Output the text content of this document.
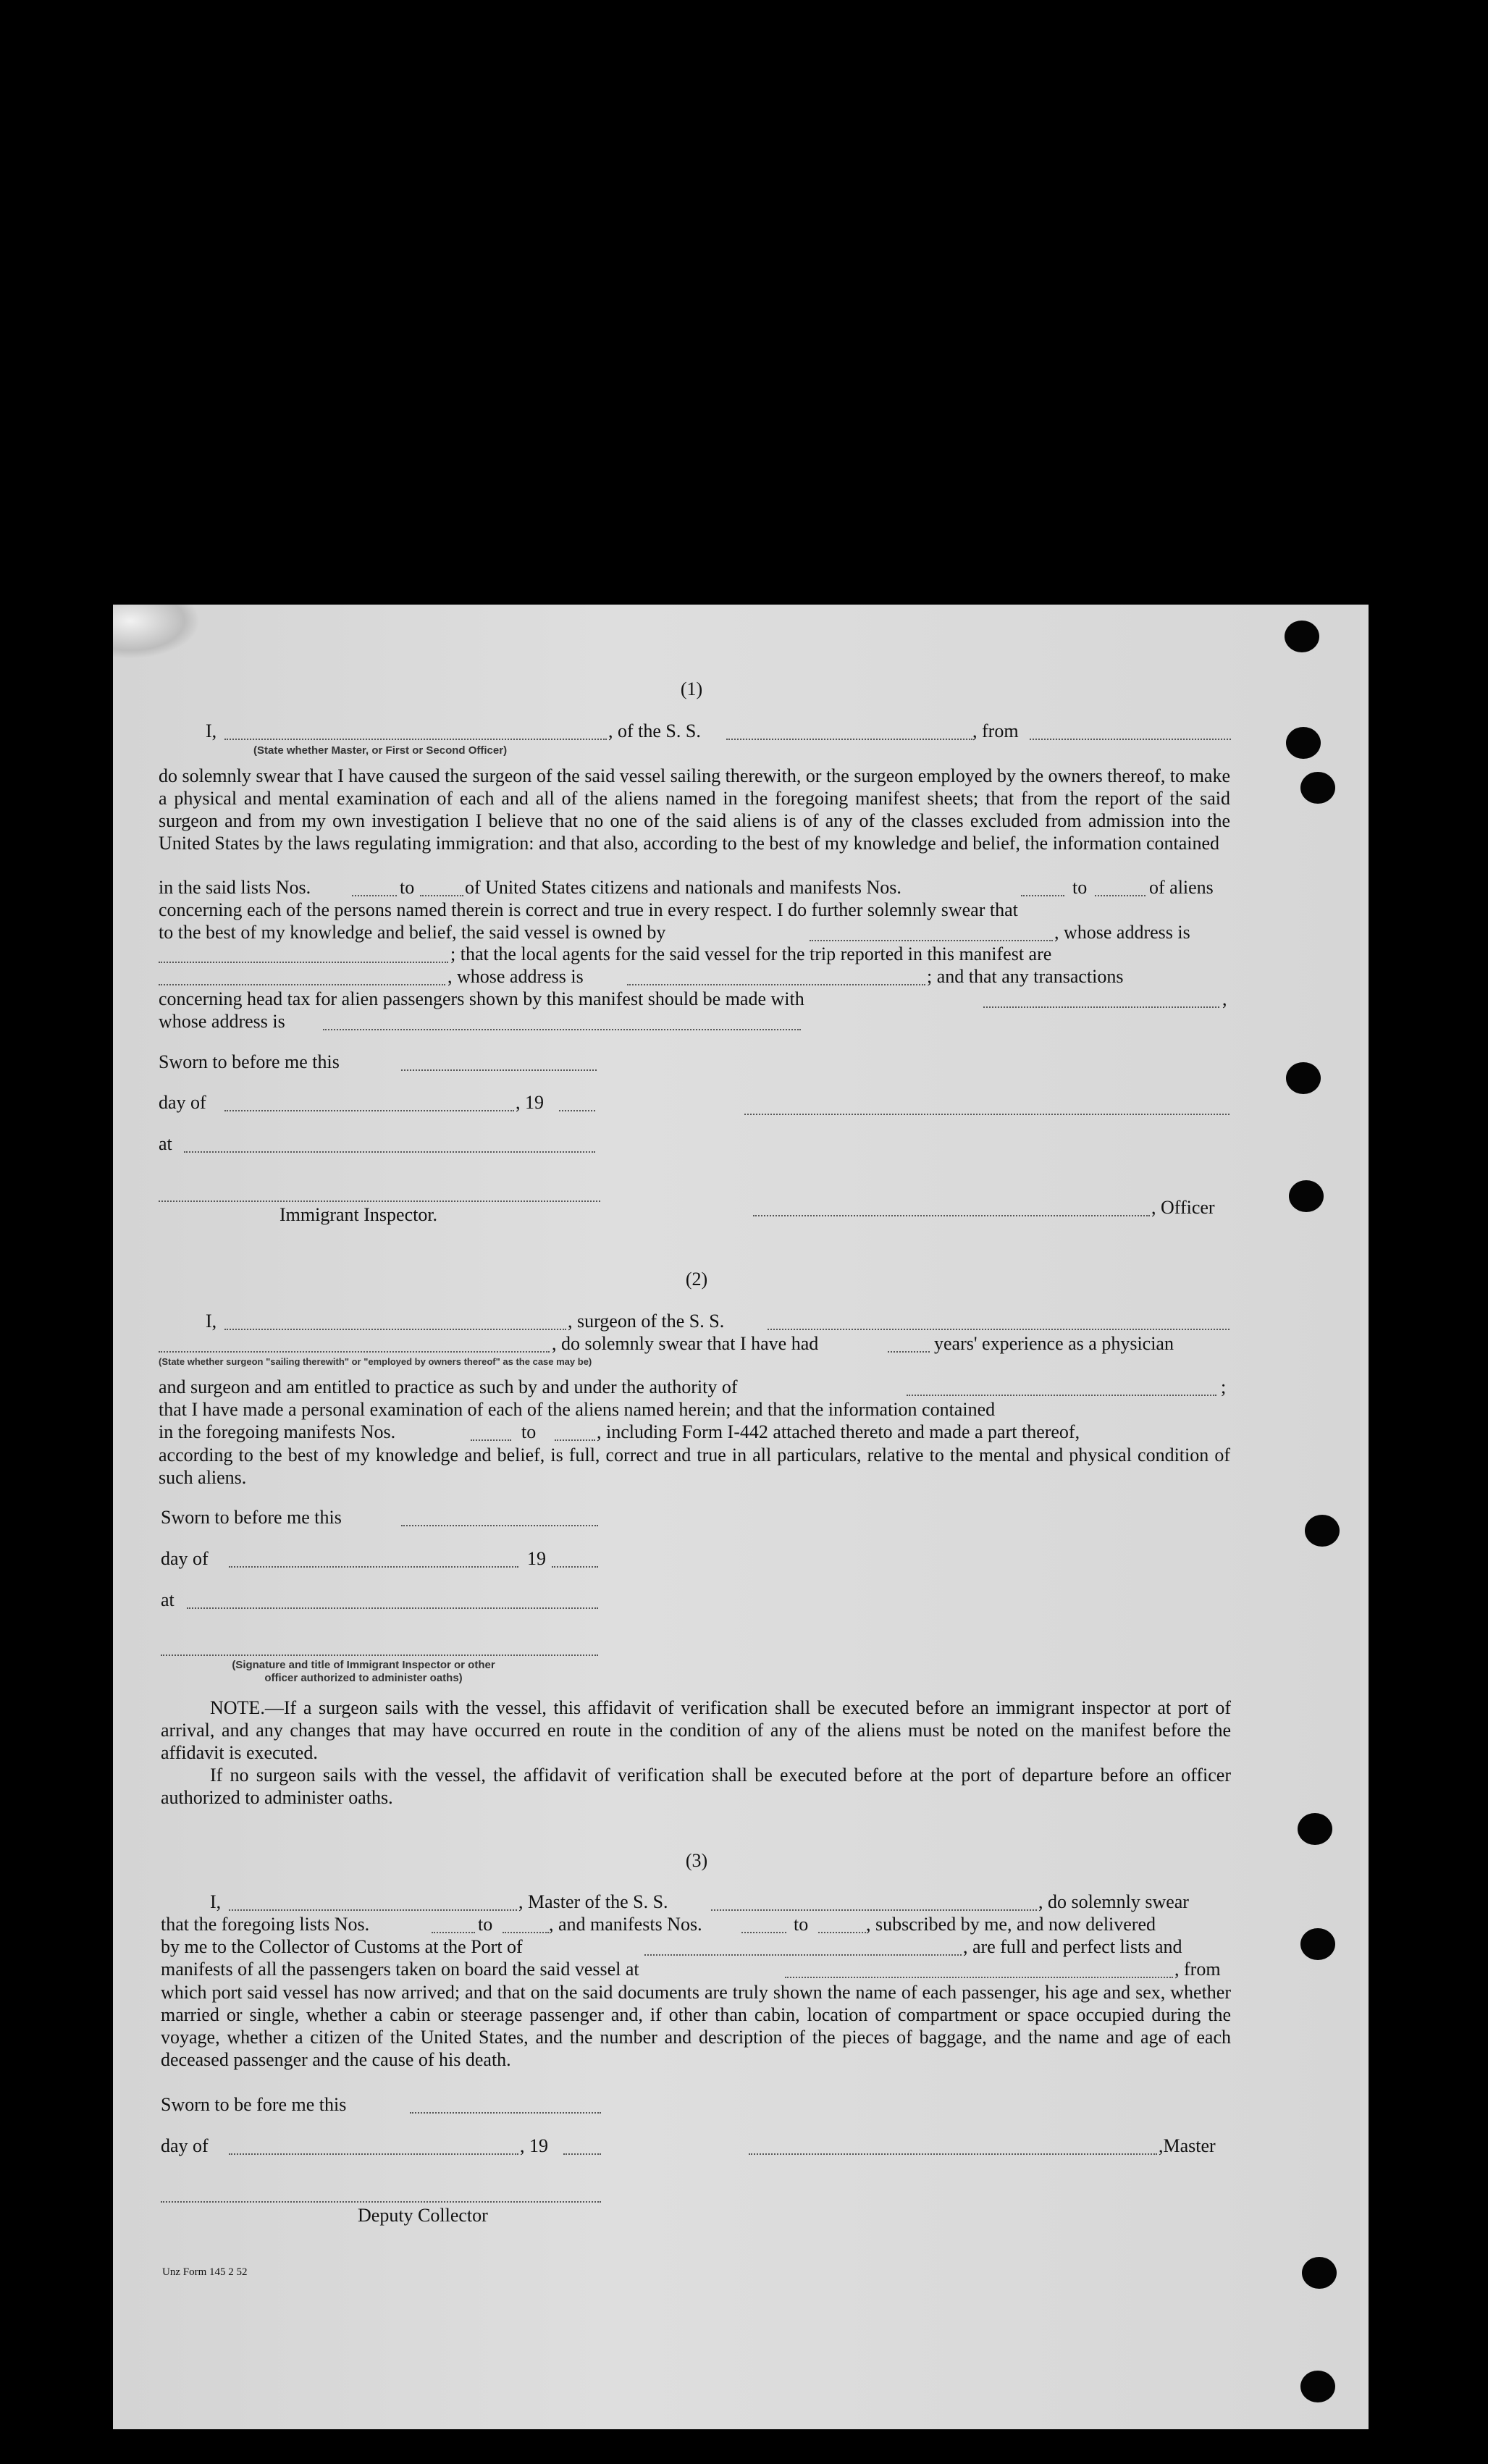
(1)
I,	, of the S. S.	, from
(State whether Master, or First or Second Officer)
do solemnly swear that I have caused the surgeon of the said vessel sailing therewith, or the surgeon employed by the owners thereof, to make a physical and mental examination of each and all of the aliens named in the foregoing manifest sheets; that from the report of the said surgeon and from my own investigation I believe that no one of the said aliens is of any of the classes excluded from admission into the United States by the laws regulating immigration: and that also, according to the best of my knowledge and belief, the information contained
in the said lists Nos.	to	of United States citizens and nationals and manifests Nos.	to	of aliens
concerning each of the persons named therein is correct and true in every respect. I do further solemnly swear that
to the best of my knowledge and belief, the said vessel is owned by	, whose address is
; that the local agents for the said vessel for the trip reported in this manifest are
, whose address is	; and that any transactions
concerning head tax for alien passengers shown by this manifest should be made with	,
whose address is
Sworn to before me this
day of	, 19
at
Immigrant Inspector.	, Officer
(2)
I,	, surgeon of the S. S.
, do solemnly swear that I have had	years' experience as a physician
(State whether surgeon "sailing therewith" or "employed by owners thereof" as the case may be)
and surgeon and am entitled to practice as such by and under the authority of	;
that I have made a personal examination of each of the aliens named herein; and that the information contained
in the foregoing manifests Nos.	to	, including Form I-442 attached thereto and made a part thereof,
according to the best of my knowledge and belief, is full, correct and true in all particulars, relative to the mental and physical condition of such aliens.
Sworn to before me this
day of	19
at
(Signature and title of Immigrant Inspector or other
officer authorized to administer oaths)
NOTE.—If a surgeon sails with the vessel, this affidavit of verification shall be executed before an immigrant inspector at port of arrival, and any changes that may have occurred en route in the condition of any of the aliens must be noted on the manifest before the affidavit is executed.
If no surgeon sails with the vessel, the affidavit of verification shall be executed before at the port of departure before an officer authorized to administer oaths.
(3)
I,	, Master of the S. S.	, do solemnly swear
that the foregoing lists Nos.	to	, and manifests Nos.	to	, subscribed by me, and now delivered
by me to the Collector of Customs at the Port of	, are full and perfect lists and
manifests of all the passengers taken on board the said vessel at	, from
which port said vessel has now arrived; and that on the said documents are truly shown the name of each passenger, his age and sex, whether married or single, whether a cabin or steerage passenger and, if other than cabin, location of compartment or space occupied during the voyage, whether a citizen of the United States, and the number and description of the pieces of baggage, and the name and age of each deceased passenger and the cause of his death.
Sworn to be fore me this
day of	, 19	,Master
Deputy Collector
Unz Form 145 2 52
